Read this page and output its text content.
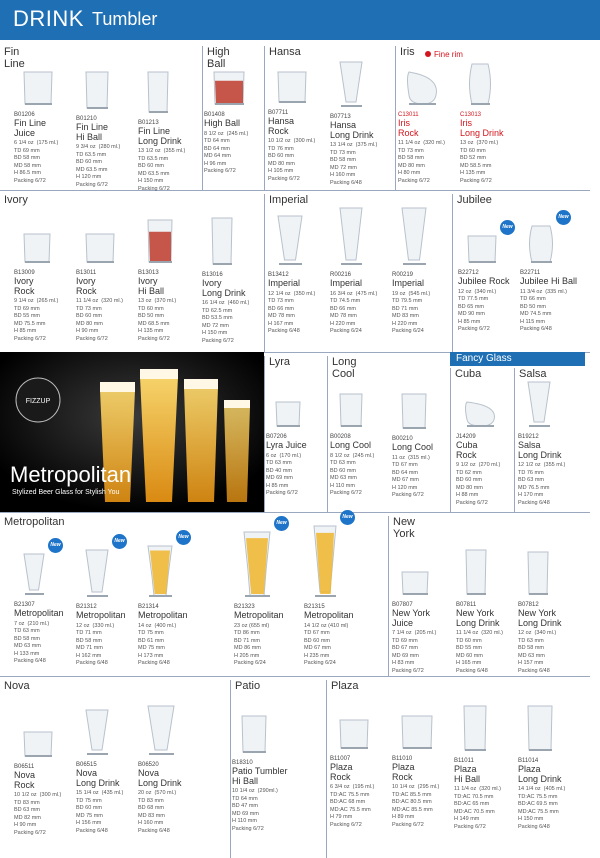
DRINK Tumbler
Fin Line
High Ball
Hansa	Iris	Fine rim
Ivory	Imperial	Jubilee
Lyra	Long Cool
Fancy Glass
Cuba	Salsa
Metropolitan	New York
Nova	Patio	Plaza
FIZZUP
Metropolitan
Stylized Beer Glass for Stylish You
B01206
Fin Line
Juice
6 1/4 oz  (175 ml.)
TD 69 mm
BD 58 mm
MD 58 mm
H 86.5 mm
Packing 6/72
B01210
Fin Line
Hi Ball
9 3/4 oz  (280 ml.)
TD 63.5 mm
BD 60 mm
MD 63.5 mm
H 120 mm
Packing 6/72
B01213
Fin Line
Long Drink
13 1/2 oz  (355 ml.)
TD 63.5 mm
BD 60 mm
MD 63.5 mm
H 150 mm
Packing 6/72
B01408
High Ball
8 1/2 oz  (245 ml.)
TD 64 mm
BD 64 mm
MD 64 mm
H 96 mm
Packing 6/72
B07711
Hansa
Rock
10 1/2 oz  (300 ml.)
TD 76 mm
BD 60 mm
MD 80 mm
H 105 mm
Packing 6/72
B07713
Hansa
Long Drink
13 1/4 oz  (375 ml.)
TD 73 mm
BD 58 mm
MD 72 mm
H 160 mm
Packing 6/48
C13011
Iris
Rock
11 1/4 oz  (320 ml.)
TD 73 mm
BD 58 mm
MD 80 mm
H 80 mm
Packing 6/72
C13013
Iris
Long Drink
13 oz  (370 ml.)
TD 60 mm
BD 52 mm
MD 58.5 mm
H 135 mm
Packing 6/72
B13009
Ivory
Rock
9 1/4 oz  (265 ml.)
TD 69 mm
BD 55 mm
MD 75.5 mm
H 85 mm
Packing 6/72
B13011
Ivory
Rock
11 1/4 oz  (320 ml.)
TD 73 mm
BD 60 mm
MD 80 mm
H 90 mm
Packing 6/72
B13013
Ivory
Hi Ball
13 oz  (370 ml.)
TD 60 mm
BD 50 mm
MD 68.5 mm
H 135 mm
Packing 6/72
B13016
Ivory
Long Drink
16 1/4 oz  (460 ml.)
TD 62.5 mm
BD 53.5 mm
MD 72 mm
H 150 mm
Packing 6/72
B13412
Imperial
12 1/4 oz  (350 ml.)
TD 73 mm
BD 66 mm
MD 78 mm
H 167 mm
Packing 6/48
R00216
Imperial
16 3/4 oz  (475 ml.)
TD 74.5 mm
BD 66 mm
MD 78 mm
H 220 mm
Packing 6/24
R00219
Imperial
19 oz  (545 ml.)
TD 79.5 mm
BD 71 mm
MD 83 mm
H 220 mm
Packing 6/24
New
B22712
Jubilee Rock
12 oz  (340 ml.)
TD 77.5 mm
BD 65 mm
MD 90 mm
H 85 mm
Packing 6/72
New
B22711
Jubilee Hi Ball
11 3/4 oz  (335 ml.)
TD 66 mm
BD 50 mm
MD 74.5 mm
H 115 mm
Packing 6/48
B07206
Lyra Juice
6 oz  (170 ml.)
TD 63 mm
BD 40 mm
MD 69 mm
H 85 mm
Packing 6/72
B00208
Long Cool
8 1/2 oz  (245 ml.)
TD 63 mm
BD 60 mm
MD 63 mm
H 110 mm
Packing 6/72
B00210
Long Cool
11 oz  (315 ml.)
TD 67 mm
BD 64 mm
MD 67 mm
H 120 mm
Packing 6/72
J14209
Cuba
Rock
9 1/2 oz  (270 ml.)
TD 62 mm
BD 60 mm
MD 80 mm
H 88 mm
Packing 6/72
B19212
Salsa
Long Drink
12 1/2 oz  (355 ml.)
TD 76 mm
BD 63 mm
MD 76.5 mm
H 170 mm
Packing 6/48
New
B21307
Metropolitan
7 oz  (210 ml.)
TD 63 mm
BD 58 mm
MD 63 mm
H 133 mm
Packing 6/48
New
B21312
Metropolitan
12 oz  (330 ml.)
TD 71 mm
BD 58 mm
MD 71 mm
H 162 mm
Packing 6/48
New
B21314
Metropolitan
14 oz  (400 ml.)
TD 75 mm
BD 61 mm
MD 75 mm
H 173 mm
Packing 6/48
New
B21323
Metropolitan
23 oz (655 ml)
TD 86 mm
BD 71 mm
MD 86 mm
H 205 mm
Packing 6/24
New
B21315
Metropolitan
14 1/2 oz (410 ml)
TD 67 mm
BD 60 mm
MD 67 mm
H 235 mm
Packing 6/24
B07807
New York
Juice
7 1/4 oz  (205 ml.)
TD 69 mm
BD 67 mm
MD 69 mm
H 83 mm
Packing 6/72
B07811
New York
Long Drink
11 1/4 oz  (320 ml.)
TD 60 mm
BD 55 mm
MD 60 mm
H 165 mm
Packing 6/48
B07812
New York
Long Drink
12 oz  (340 ml.)
TD 63 mm
BD 58 mm
MD 63 mm
H 157 mm
Packing 6/48
B06511
Nova
Rock
10 1/2 oz  (300 ml.)
TD 83 mm
BD 63 mm
MD 82 mm
H 90 mm
Packing 6/72
B06515
Nova
Long Drink
15 1/4 oz  (435 ml.)
TD 75 mm
BD 60 mm
MD 75 mm
H 156 mm
Packing 6/48
B06520
Nova
Long Drink
20 oz  (570 ml.)
TD 83 mm
BD 68 mm
MD 83 mm
H 160 mm
Packing 6/48
B18310
Patio Tumbler
Hi Ball
10 1/4 oz  (290ml.)
TD 64 mm
BD 47 mm
MD 69 mm
H 110 mm
Packing 6/72
B11007
Plaza
Rock
6 3/4 oz  (195 ml.)
TD:AC 75.5 mm
BD:AC 68 mm
MD:AC 75.5 mm
H 79 mm
Packing 6/72
B11010
Plaza
Rock
10 1/4 oz  (295 ml.)
TD:AC 85.5 mm
BD:AC 80.5 mm
MD:AC 85.5 mm
H 89 mm
Packing 6/72
B11011
Plaza
Hi Ball
11 1/4 oz  (320 ml.)
TD:AC 70.5 mm
BD:AC 65 mm
MD:AC 70.5 mm
H 149 mm
Packing 6/72
B11014
Plaza
Long Drink
14 1/4 oz  (405 ml.)
TD:AC 75.5 mm
BD:AC 69.5 mm
MD:AC 75.5 mm
H 150 mm
Packing 6/48
